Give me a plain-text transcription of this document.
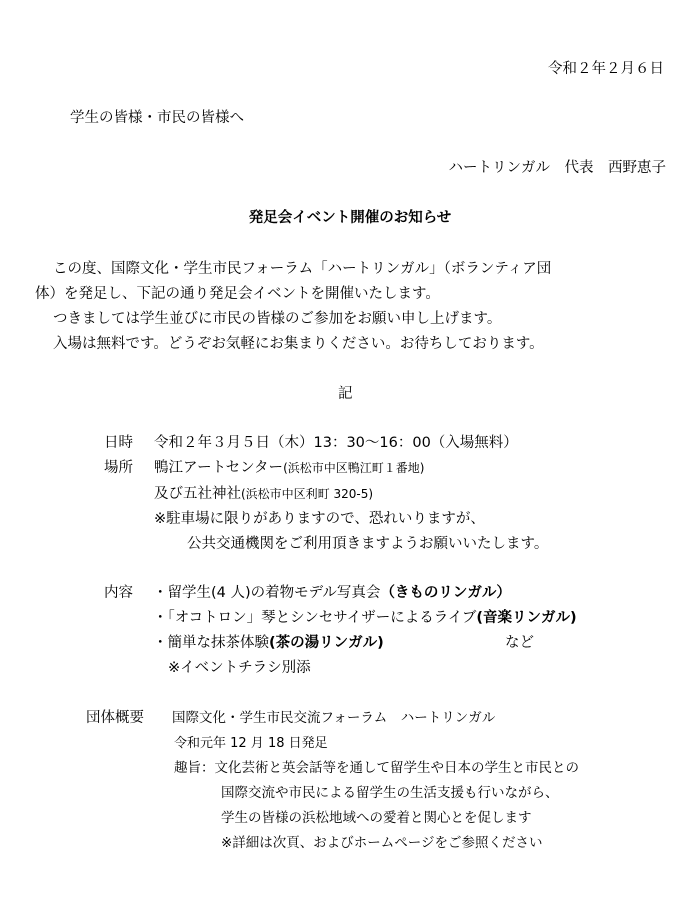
令和２年２月６日
学生の皆様・市民の皆様へ
ハートリンガル　代表　西野恵子
発足会イベント開催のお知らせ
この度、国際文化・学生市民フォーラム「ハートリンガル」（ボランティア団
体）を発足し、下記の通り発足会イベントを開催いたします。
つきましては学生並びに市民の皆様のご参加をお願い申し上げます。
入場は無料です。どうぞお気軽にお集まりください。お待ちしております。
記
日時 令和２年３月５日（木）13：30〜16：00（入場無料）
場所 鴨江アートセンター(浜松市中区鴨江町１番地)
及び五社神社(浜松市中区利町 320-5)
※駐車場に限りがありますので、恐れいりますが、
公共交通機関をご利用頂きますようお願いいたします。
内容 ・留学生(4 人)の着物モデル写真会（きものリンガル）
・「オコトロン」琴とシンセサイザーによるライブ(音楽リンガル)
・簡単な抹茶体験(茶の湯リンガル)	など
※イベントチラシ別添
団体概要 国際文化・学生市民交流フォーラム　ハートリンガル
令和元年 12 月 18 日発足
趣旨：文化芸術と英会話等を通して留学生や日本の学生と市民との
国際交流や市民による留学生の生活支援も行いながら、
学生の皆様の浜松地域への愛着と関心とを促します
※詳細は次頁、およびホームページをご参照ください
